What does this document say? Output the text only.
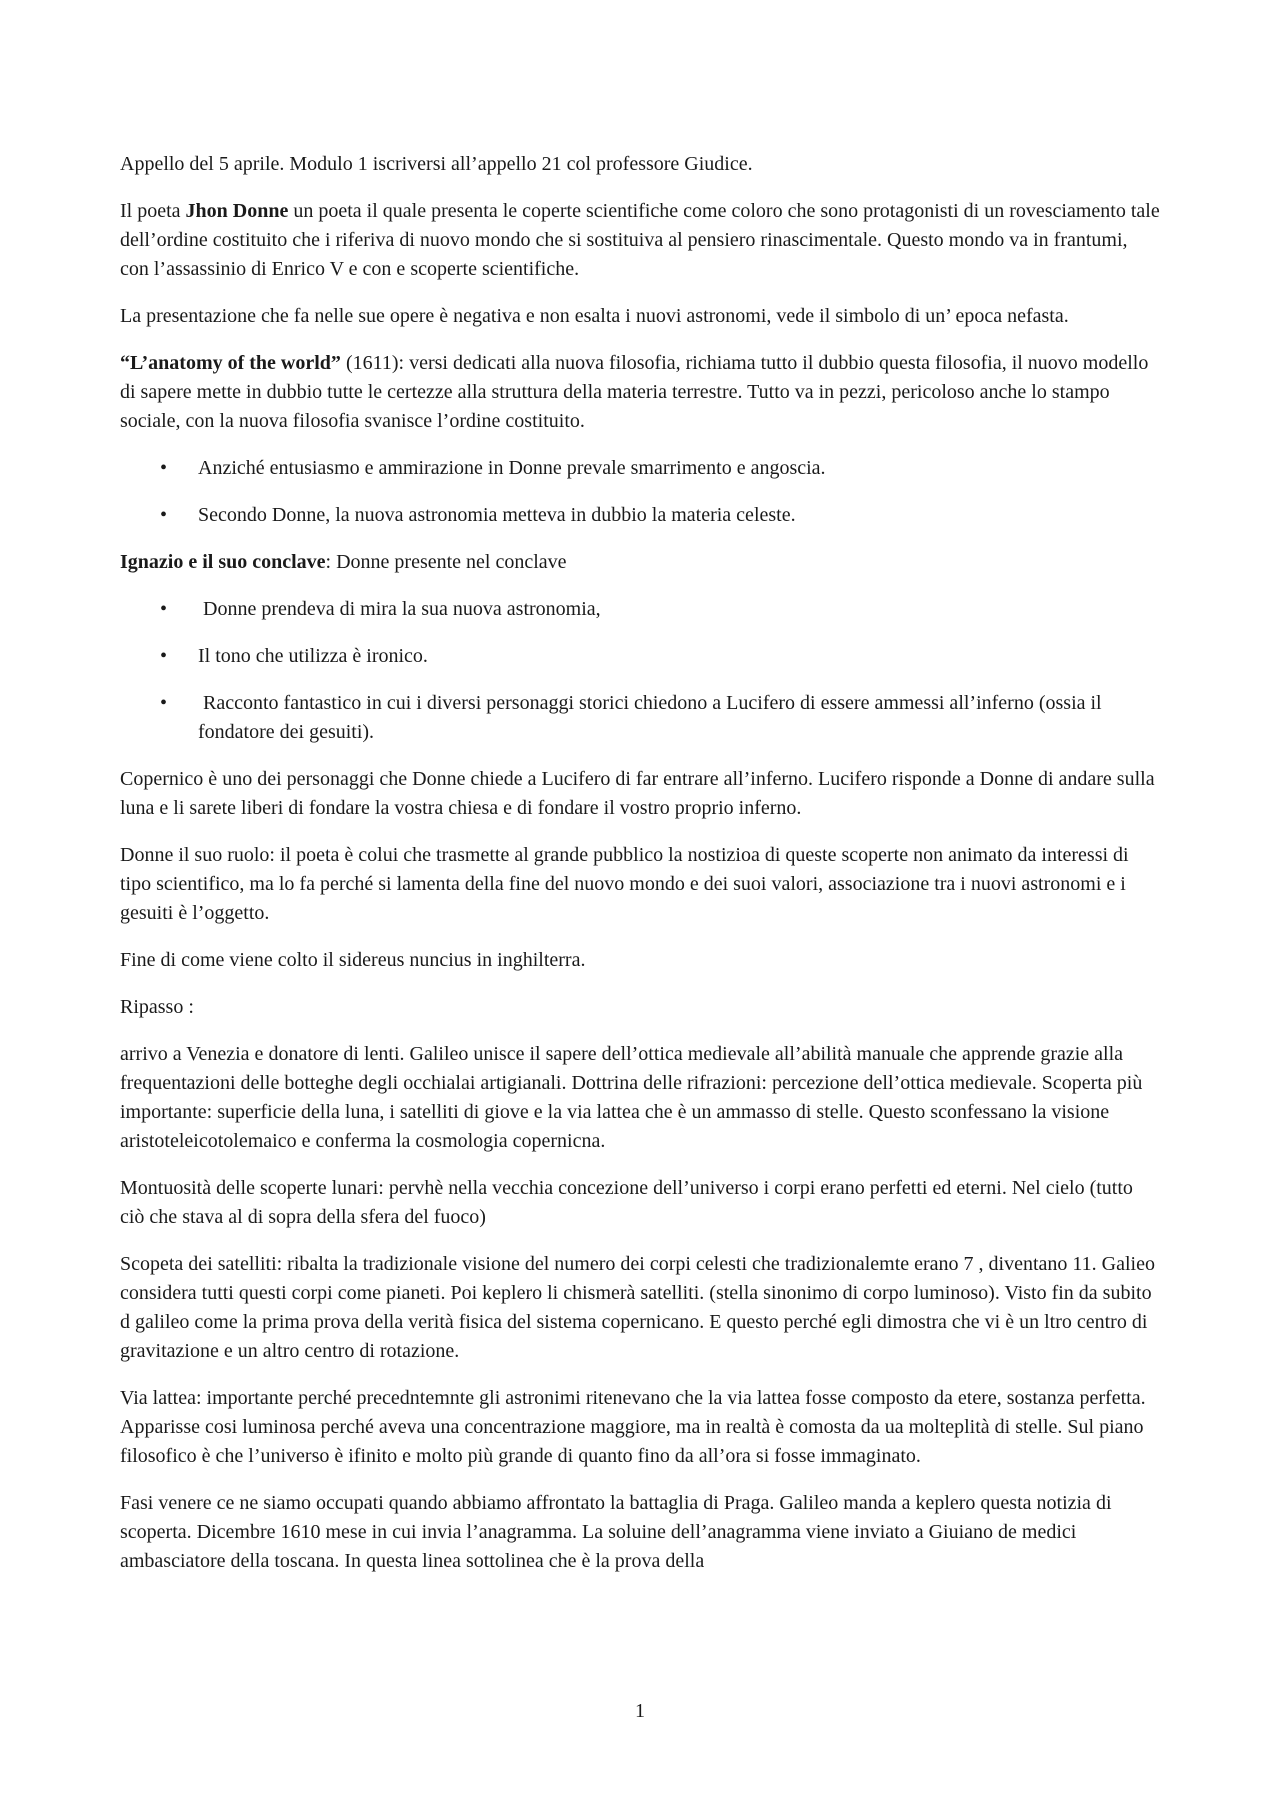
Appello del 5 aprile. Modulo 1 iscriversi all’appello 21 col professore Giudice.

Il poeta Jhon Donne un poeta il quale presenta le coperte scientifiche come coloro che sono protagonisti di un rovesciamento tale dell’ordine costituito che i riferiva di nuovo mondo che si sostituiva al pensiero rinascimentale. Questo mondo va in frantumi, con l’assassinio di Enrico V e con e scoperte scientifiche.

La presentazione che fa nelle sue opere è negativa e non esalta i nuovi astronomi, vede il simbolo di un’ epoca nefasta.

“L’anatomy of the world” (1611): versi dedicati alla nuova filosofia, richiama tutto il dubbio questa filosofia, il nuovo modello di sapere mette in dubbio tutte le certezze alla struttura della materia terrestre. Tutto va in pezzi, pericoloso anche lo stampo sociale, con la nuova filosofia svanisce l’ordine costituito.

• Anziché entusiasmo e ammirazione in Donne prevale smarrimento e angoscia.
• Secondo Donne, la nuova astronomia metteva in dubbio la materia celeste.

Ignazio e il suo conclave: Donne presente nel conclave

• Donne prendeva di mira la sua nuova astronomia,
• Il tono che utilizza è ironico.
• Racconto fantastico in cui i diversi personaggi storici chiedono a Lucifero di essere ammessi all’inferno (ossia il fondatore dei gesuiti).

Copernico è uno dei personaggi che Donne chiede a Lucifero di far entrare all’inferno. Lucifero risponde a Donne di andare sulla luna e li sarete liberi di fondare la vostra chiesa e di fondare il vostro proprio inferno.

Donne il suo ruolo: il poeta è colui che trasmette al grande pubblico la nostizioa di queste scoperte non animato da interessi di tipo scientifico, ma lo fa perché si lamenta della fine del nuovo mondo e dei suoi valori, associazione tra i nuovi astronomi e i gesuiti è l’oggetto.

Fine di come viene colto il sidereus nuncius in inghilterra.

Ripasso :

arrivo a Venezia e donatore di lenti. Galileo unisce il sapere dell’ottica medievale all’abilità manuale che apprende grazie alla frequentazioni delle botteghe degli occhialai artigianali. Dottrina delle rifrazioni: percezione dell’ottica medievale. Scoperta più importante: superficie della luna, i satelliti di giove e la via lattea che è un ammasso di stelle. Questo sconfessano la visione aristoteleicotolemaico e conferma la cosmologia copernicna.

Montuosità delle scoperte lunari: pervhè nella vecchia concezione dell’universo i corpi erano perfetti ed eterni. Nel cielo (tutto ciò che stava al di sopra della sfera del fuoco)

Scopeta dei satelliti: ribalta la tradizionale visione del numero dei corpi celesti che tradizionalemte erano 7 , diventano 11. Galieo considera tutti questi corpi come pianeti. Poi keplero li chismerà satelliti. (stella sinonimo di corpo luminoso). Visto fin da subito d galileo come la prima prova della verità fisica del sistema copernicano. E questo perché egli dimostra che vi è un ltro centro di gravitazione e un altro centro di rotazione.

Via lattea: importante perché precedntemnte gli astronimi ritenevano che la via lattea fosse composto da etere, sostanza perfetta. Apparisse cosi luminosa perché aveva una concentrazione maggiore, ma in realtà è comosta da ua molteplità di stelle. Sul piano filosofico è che l’universo è ifinito e molto più grande di quanto fino da all’ora si fosse immaginato.

Fasi venere ce ne siamo occupati quando abbiamo affrontato la battaglia di Praga. Galileo manda a keplero questa notizia di scoperta. Dicembre 1610 mese in cui invia l’anagramma. La soluine dell’anagramma viene inviato a Giuiano de medici ambasciatore della toscana. In questa linea sottolinea che è la prova della

1
